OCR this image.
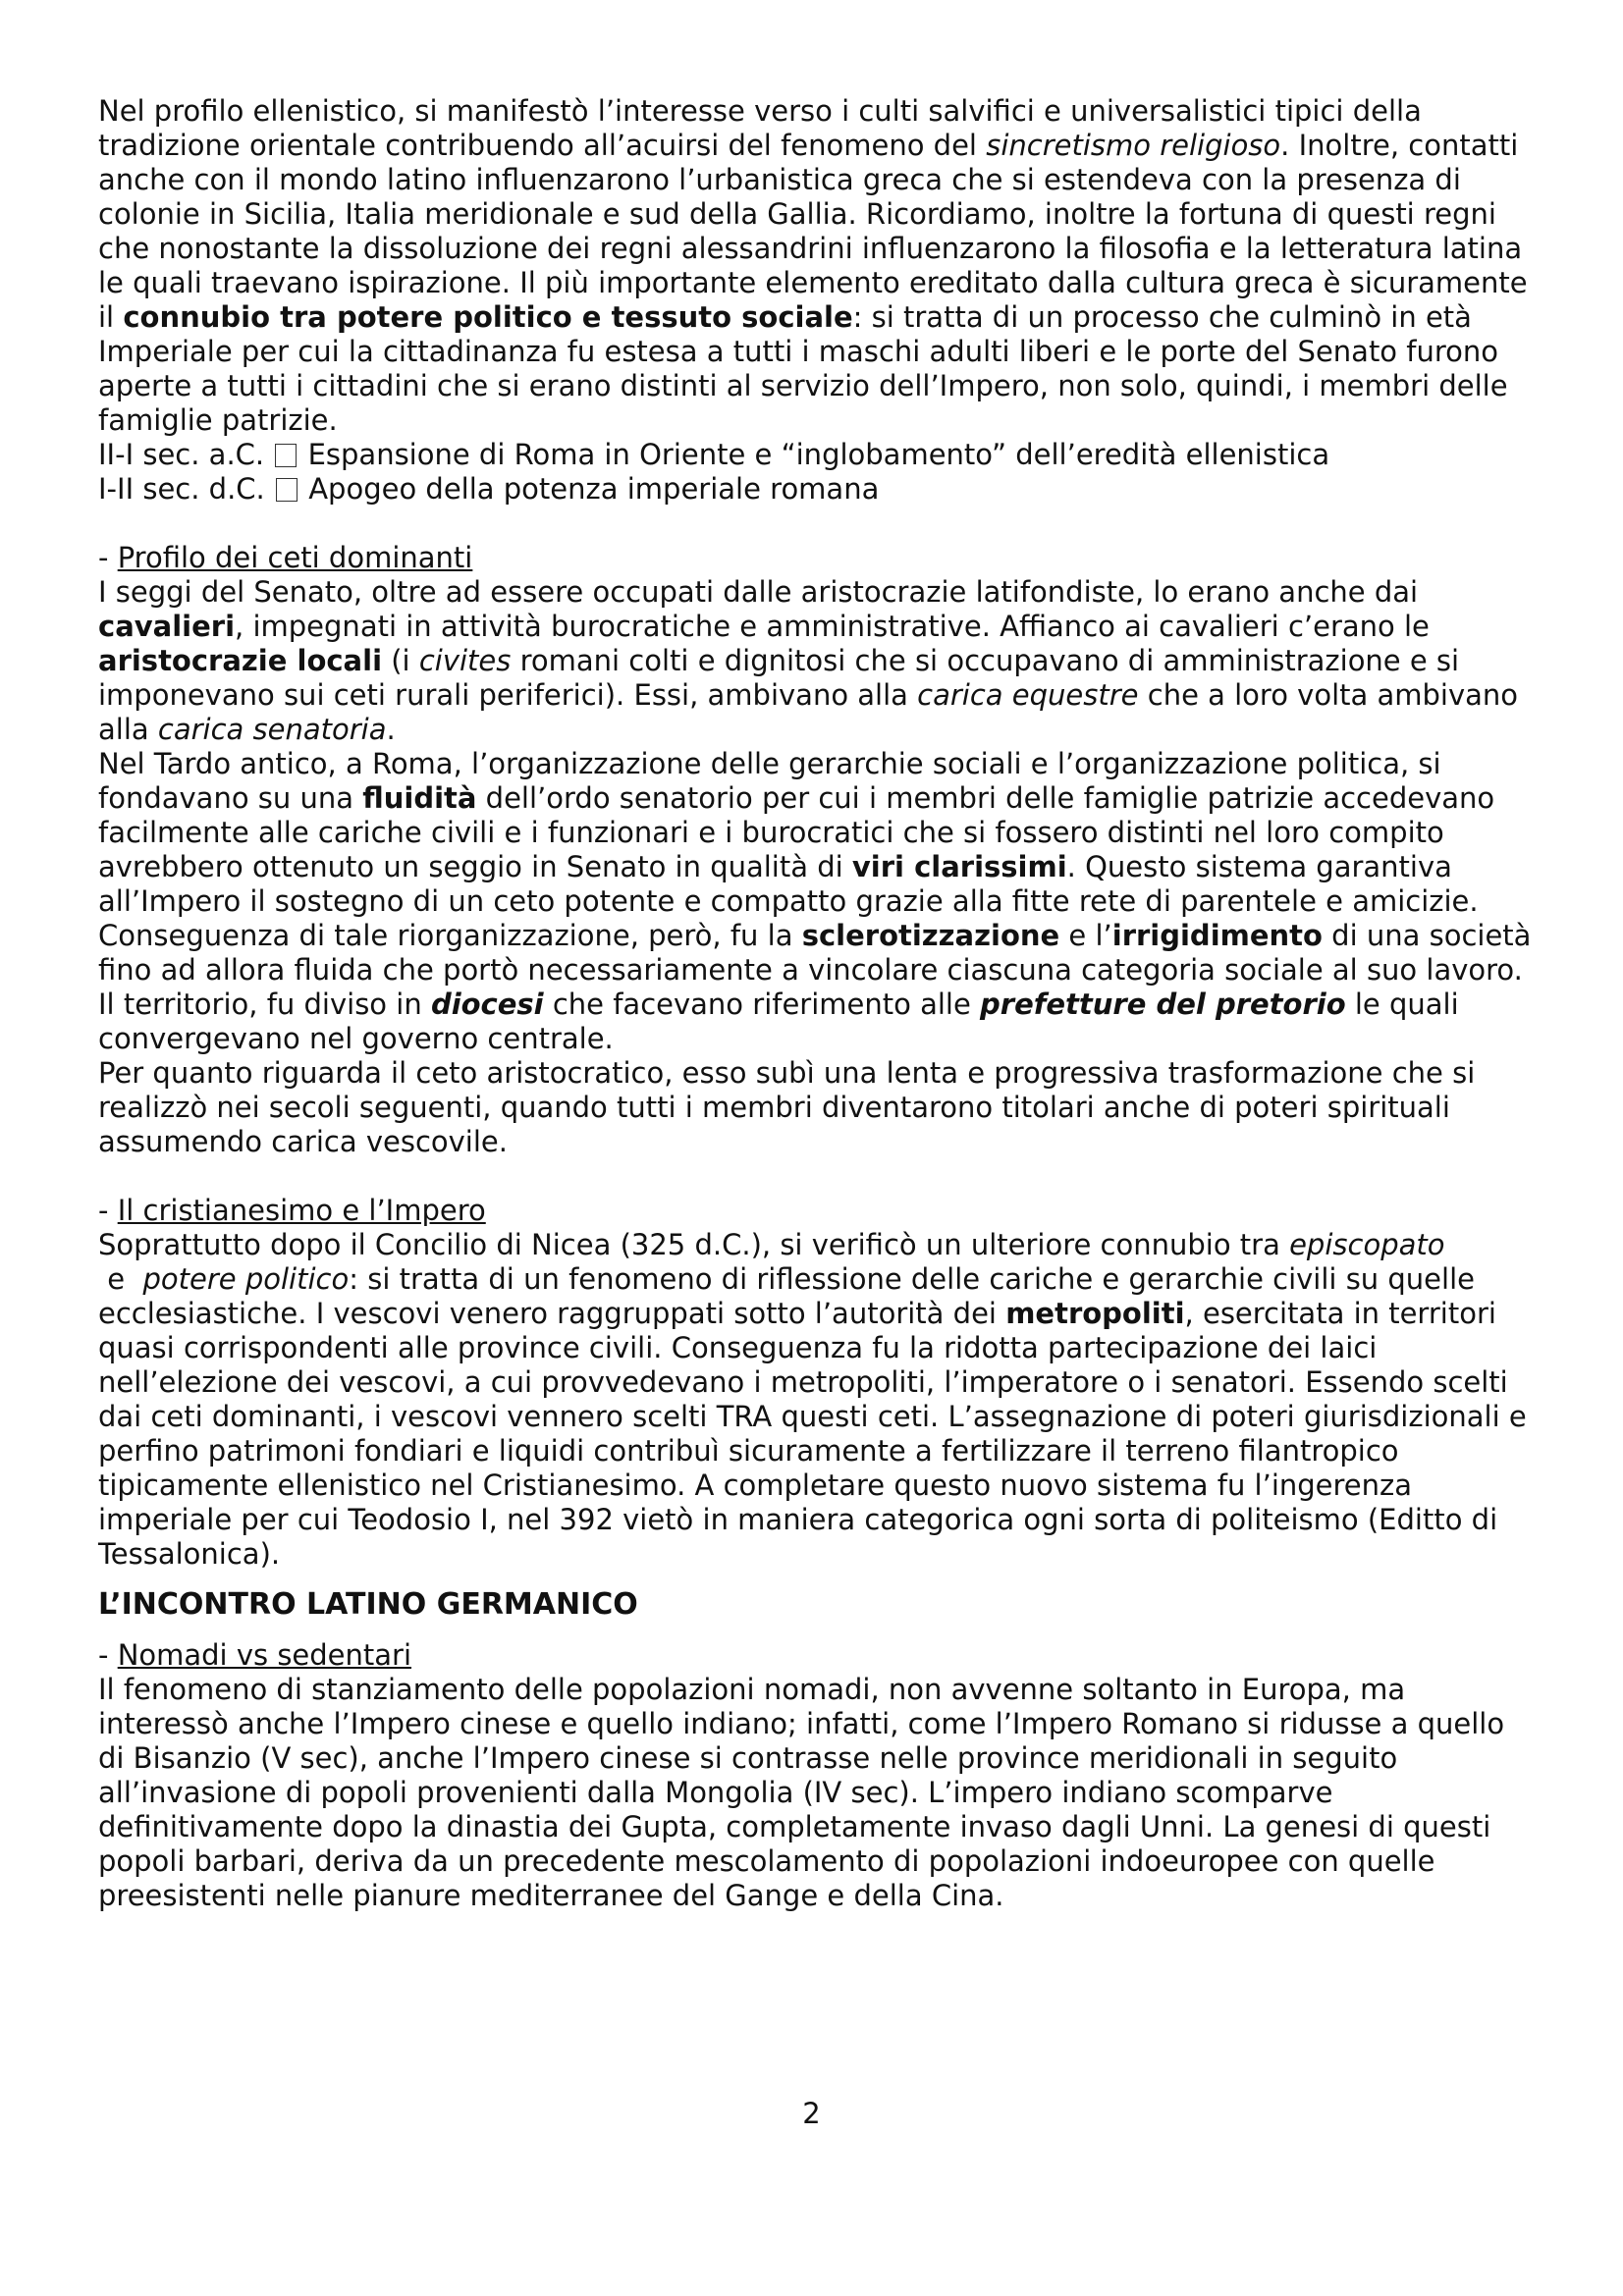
Nel profilo ellenistico, si manifestò l’interesse verso i culti salvifici e universalistici tipici della tradizione orientale contribuendo all’acuirsi del fenomeno del sincretismo religioso. Inoltre, contatti anche con il mondo latino influenzarono l’urbanistica greca che si estendeva con la presenza di colonie in Sicilia, Italia meridionale e sud della Gallia. Ricordiamo, inoltre la fortuna di questi regni che nonostante la dissoluzione dei regni alessandrini influenzarono la filosofia e la letteratura latina le quali traevano ispirazione. Il più importante elemento ereditato dalla cultura greca è sicuramente il connubio tra potere politico e tessuto sociale: si tratta di un processo che culminò in età Imperiale per cui la cittadinanza fu estesa a tutti i maschi adulti liberi e le porte del Senato furono aperte a tutti i cittadini che si erano distinti al servizio dell’Impero, non solo, quindi, i membri delle famiglie patrizie.

II-I sec. a.C. Espansione di Roma in Oriente e “inglobamento” dell’eredità ellenistica

I-II sec. d.C. Apogeo della potenza imperiale romana

- Profilo dei ceti dominanti

I seggi del Senato, oltre ad essere occupati dalle aristocrazie latifondiste, lo erano anche dai cavalieri, impegnati in attività burocratiche e amministrative. Affianco ai cavalieri c’erano le aristocrazie locali (i civites romani colti e dignitosi che si occupavano di amministrazione e si imponevano sui ceti rurali periferici). Essi, ambivano alla carica equestre che a loro volta ambivano alla carica senatoria.

Nel Tardo antico, a Roma, l’organizzazione delle gerarchie sociali e l’organizzazione politica, si fondavano su una fluidità dell’ordo senatorio per cui i membri delle famiglie patrizie accedevano facilmente alle cariche civili e i funzionari e i burocratici che si fossero distinti nel loro compito avrebbero ottenuto un seggio in Senato in qualità di viri clarissimi. Questo sistema garantiva all’Impero il sostegno di un ceto potente e compatto grazie alla fitte rete di parentele e amicizie. Conseguenza di tale riorganizzazione, però, fu la sclerotizzazione e l’irrigidimento di una società fino ad allora fluida che portò necessariamente a vincolare ciascuna categoria sociale al suo lavoro.

Il territorio, fu diviso in diocesi che facevano riferimento alle prefetture del pretorio le quali convergevano nel governo centrale.

Per quanto riguarda il ceto aristocratico, esso subì una lenta e progressiva trasformazione che si realizzò nei secoli seguenti, quando tutti i membri diventarono titolari anche di poteri spirituali assumendo carica vescovile.

- Il cristianesimo e l’Impero

Soprattutto dopo il Concilio di Nicea (325 d.C.), si verificò un ulteriore connubio tra episcopato e  potere politico: si tratta di un fenomeno di riflessione delle cariche e gerarchie civili su quelle ecclesiastiche. I vescovi venero raggruppati sotto l’autorità dei metropoliti, esercitata in territori quasi corrispondenti alle province civili. Conseguenza fu la ridotta partecipazione dei laici nell’elezione dei vescovi, a cui provvedevano i metropoliti, l’imperatore o i senatori. Essendo scelti dai ceti dominanti, i vescovi vennero scelti TRA questi ceti. L’assegnazione di poteri giurisdizionali e perfino patrimoni fondiari e liquidi contribuì sicuramente a fertilizzare il terreno filantropico tipicamente ellenistico nel Cristianesimo. A completare questo nuovo sistema fu l’ingerenza imperiale per cui Teodosio I, nel 392 vietò in maniera categorica ogni sorta di politeismo (Editto di Tessalonica).

L’INCONTRO LATINO GERMANICO

- Nomadi vs sedentari

Il fenomeno di stanziamento delle popolazioni nomadi, non avvenne soltanto in Europa, ma interessò anche l’Impero cinese e quello indiano; infatti, come l’Impero Romano si ridusse a quello di Bisanzio (V sec), anche l’Impero cinese si contrasse nelle province meridionali in seguito all’invasione di popoli provenienti dalla Mongolia (IV sec). L’impero indiano scomparve definitivamente dopo la dinastia dei Gupta, completamente invaso dagli Unni. La genesi di questi popoli barbari, deriva da un precedente mescolamento di popolazioni indoeuropee con quelle preesistenti nelle pianure mediterranee del Gange e della Cina.

2
